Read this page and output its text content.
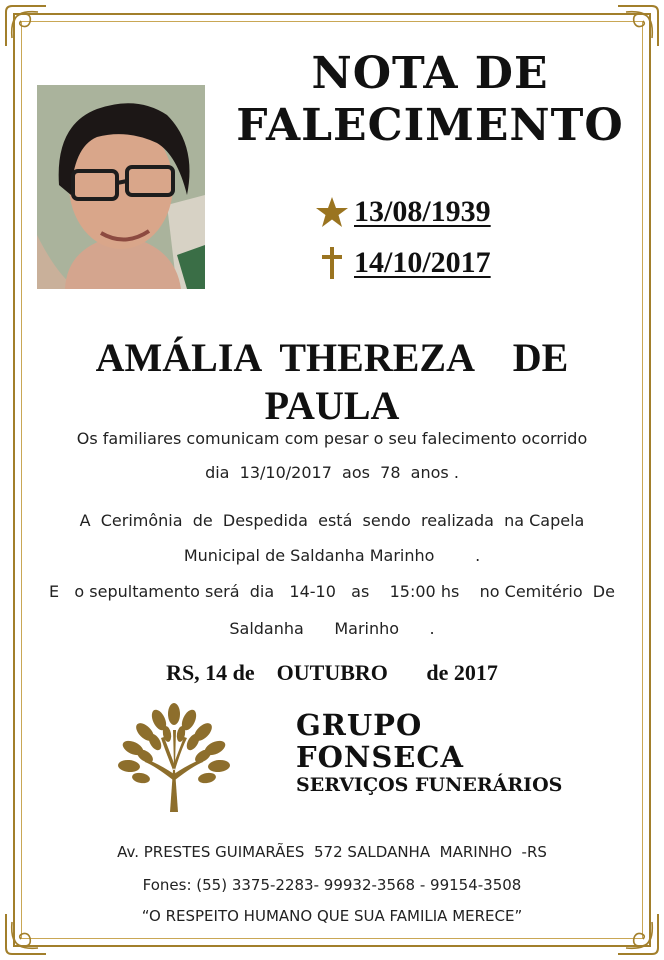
NOTA DE
FALECIMENTO
13/08/1939
14/10/2017
AMÁLIA  THEREZA    DE
PAULA
Os familiares comunicam com pesar o seu falecimento ocorrido
dia  13/10/2017  aos  78  anos .
A  Cerimônia  de  Despedida  está  sendo  realizada  na Capela
Municipal de Saldanha Marinho        .
E   o sepultamento será  dia   14-10   as    15:00 hs    no Cemitério  De
Saldanha      Marinho      .
RS, 14 de    OUTUBRO       de 2017
GRUPO
FONSECA
SERVIÇOS FUNERÁRIOS
Av. PRESTES GUIMARÃES  572 SALDANHA  MARINHO  -RS
Fones: (55) 3375-2283- 99932-3568 - 99154-3508
“O RESPEITO HUMANO QUE SUA FAMILIA MERECE”
